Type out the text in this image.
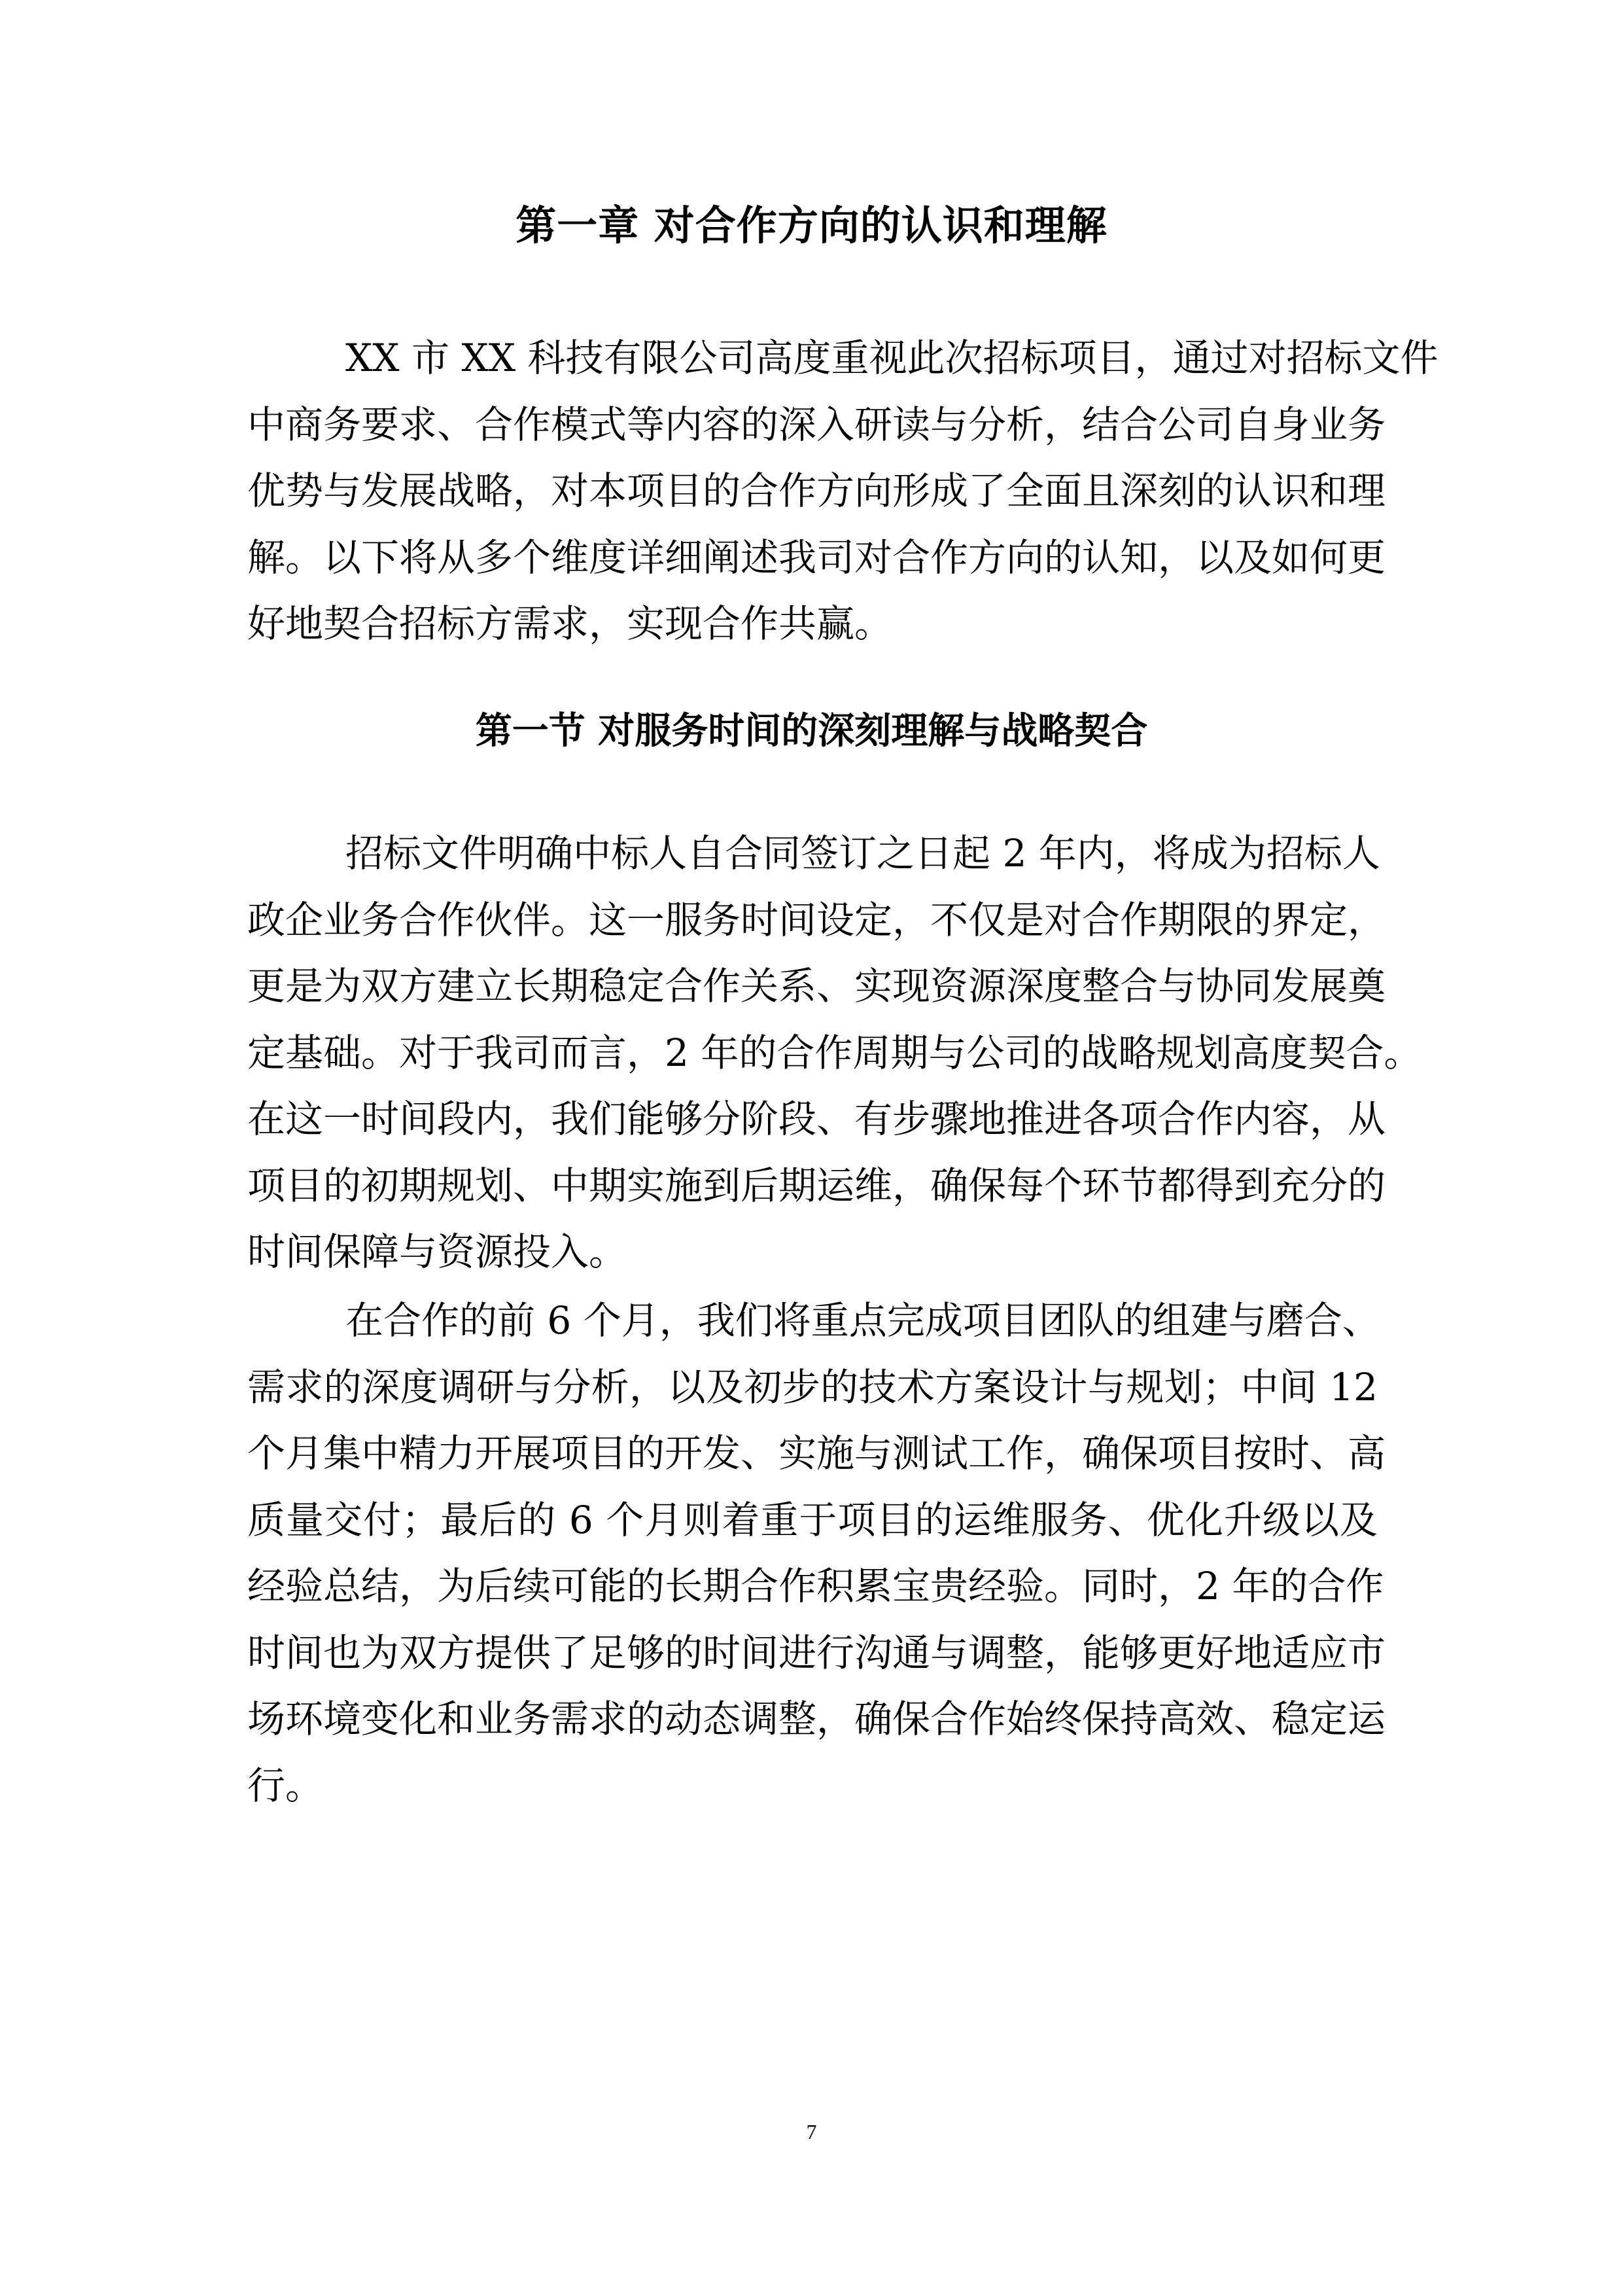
第一章 对合作方向的认识和理解
XX 市 XX 科技有限公司高度重视此次招标项目，通过对招标文件
中商务要求、合作模式等内容的深入研读与分析，结合公司自身业务
优势与发展战略，对本项目的合作方向形成了全面且深刻的认识和理
解。以下将从多个维度详细阐述我司对合作方向的认知，以及如何更
好地契合招标方需求，实现合作共赢。
第一节 对服务时间的深刻理解与战略契合
招标文件明确中标人自合同签订之日起 2 年内，将成为招标人
政企业务合作伙伴。这一服务时间设定，不仅是对合作期限的界定，
更是为双方建立长期稳定合作关系、实现资源深度整合与协同发展奠
定基础。对于我司而言，2 年的合作周期与公司的战略规划高度契合。
在这一时间段内，我们能够分阶段、有步骤地推进各项合作内容，从
项目的初期规划、中期实施到后期运维，确保每个环节都得到充分的
时间保障与资源投入。
在合作的前 6 个月，我们将重点完成项目团队的组建与磨合、
需求的深度调研与分析，以及初步的技术方案设计与规划；中间 12
个月集中精力开展项目的开发、实施与测试工作，确保项目按时、高
质量交付；最后的 6 个月则着重于项目的运维服务、优化升级以及
经验总结，为后续可能的长期合作积累宝贵经验。同时，2 年的合作
时间也为双方提供了足够的时间进行沟通与调整，能够更好地适应市
场环境变化和业务需求的动态调整，确保合作始终保持高效、稳定运
行。
7
